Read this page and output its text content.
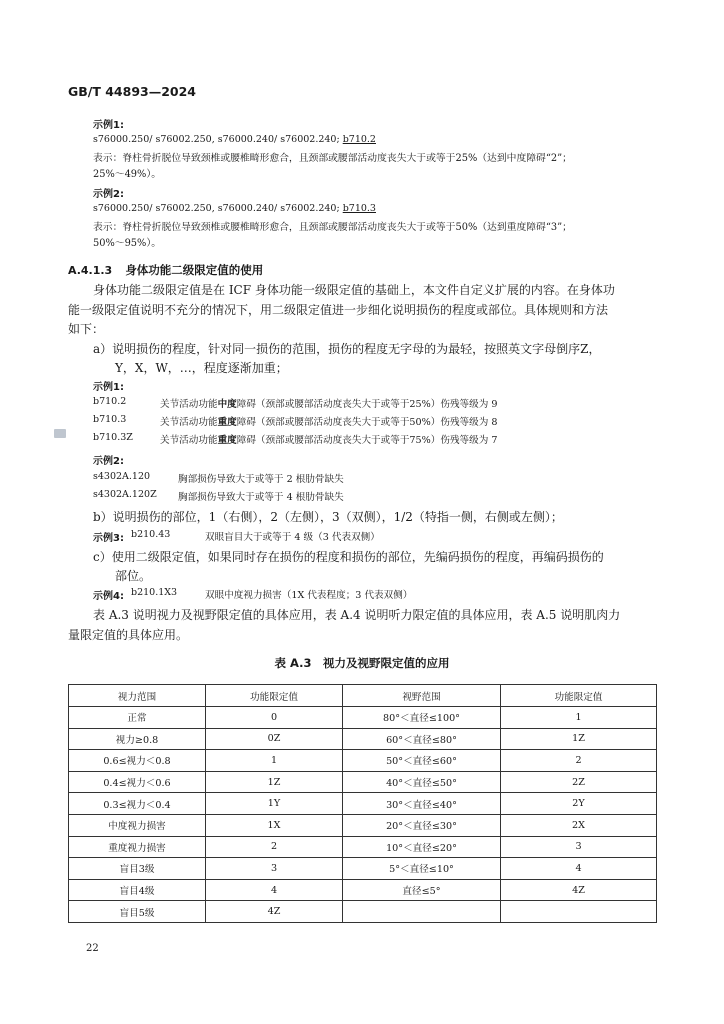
GB/T 44893—2024
示例1:
s76000.250/ s76002.250, s76000.240/ s76002.240; b710.2
表示：脊柱骨折脱位导致颈椎或腰椎畸形愈合，且颈部或腰部活动度丧失大于或等于25%（达到中度障碍“2”；
25%～49%）。
示例2:
s76000.250/ s76002.250, s76000.240/ s76002.240; b710.3
表示：脊柱骨折脱位导致颈椎或腰椎畸形愈合，且颈部或腰部活动度丧失大于或等于50%（达到重度障碍“3”；
50%～95%）。
A.4.1.3 身体功能二级限定值的使用
身体功能二级限定值是在 ICF 身体功能一级限定值的基础上，本文件自定义扩展的内容。在身体功
能一级限定值说明不充分的情况下，用二级限定值进一步细化说明损伤的程度或部位。具体规则和方法
如下：
a）说明损伤的程度，针对同一损伤的范围，损伤的程度无字母的为最轻，按照英文字母倒序Z，
Y，X，W，…，程度逐渐加重；
示例1:
b710.2	关节活动功能中度障碍（颈部或腰部活动度丧失大于或等于25%）伤残等级为 9
b710.3	关节活动功能重度障碍（颈部或腰部活动度丧失大于或等于50%）伤残等级为 8
b710.3Z	关节活动功能重度障碍（颈部或腰部活动度丧失大于或等于75%）伤残等级为 7
示例2:
s4302A.120	胸部损伤导致大于或等于 2 根肋骨缺失
s4302A.120Z 胸部损伤导致大于或等于 4 根肋骨缺失
b）说明损伤的部位，1（右侧），2（左侧），3（双侧），1/2（特指一侧，右侧或左侧）；
示例3: b210.43	双眼盲目大于或等于 4 级（3 代表双侧）
c）使用二级限定值，如果同时存在损伤的程度和损伤的部位，先编码损伤的程度，再编码损伤的
部位。
示例4: b210.1X3	双眼中度视力损害（1X 代表程度；3 代表双侧）
表 A.3 说明视力及视野限定值的具体应用，表 A.4 说明听力限定值的具体应用，表 A.5 说明肌肉力
量限定值的具体应用。
表 A.3　视力及视野限定值的应用
视力范围	功能限定值	视野范围	功能限定值
正常	0	80°＜直径≤100°	1
视力≥0.8	0Z	60°＜直径≤80°	1Z
0.6≤视力＜0.8	1	50°＜直径≤60°	2
0.4≤视力＜0.6	1Z	40°＜直径≤50°	2Z
0.3≤视力＜0.4	1Y	30°＜直径≤40°	2Y
中度视力损害	1X	20°＜直径≤30°	2X
重度视力损害	2	10°＜直径≤20°	3
盲目3级	3	5°＜直径≤10°	4
盲目4级	4	直径≤5°	4Z
盲目5级	4Z		
22
